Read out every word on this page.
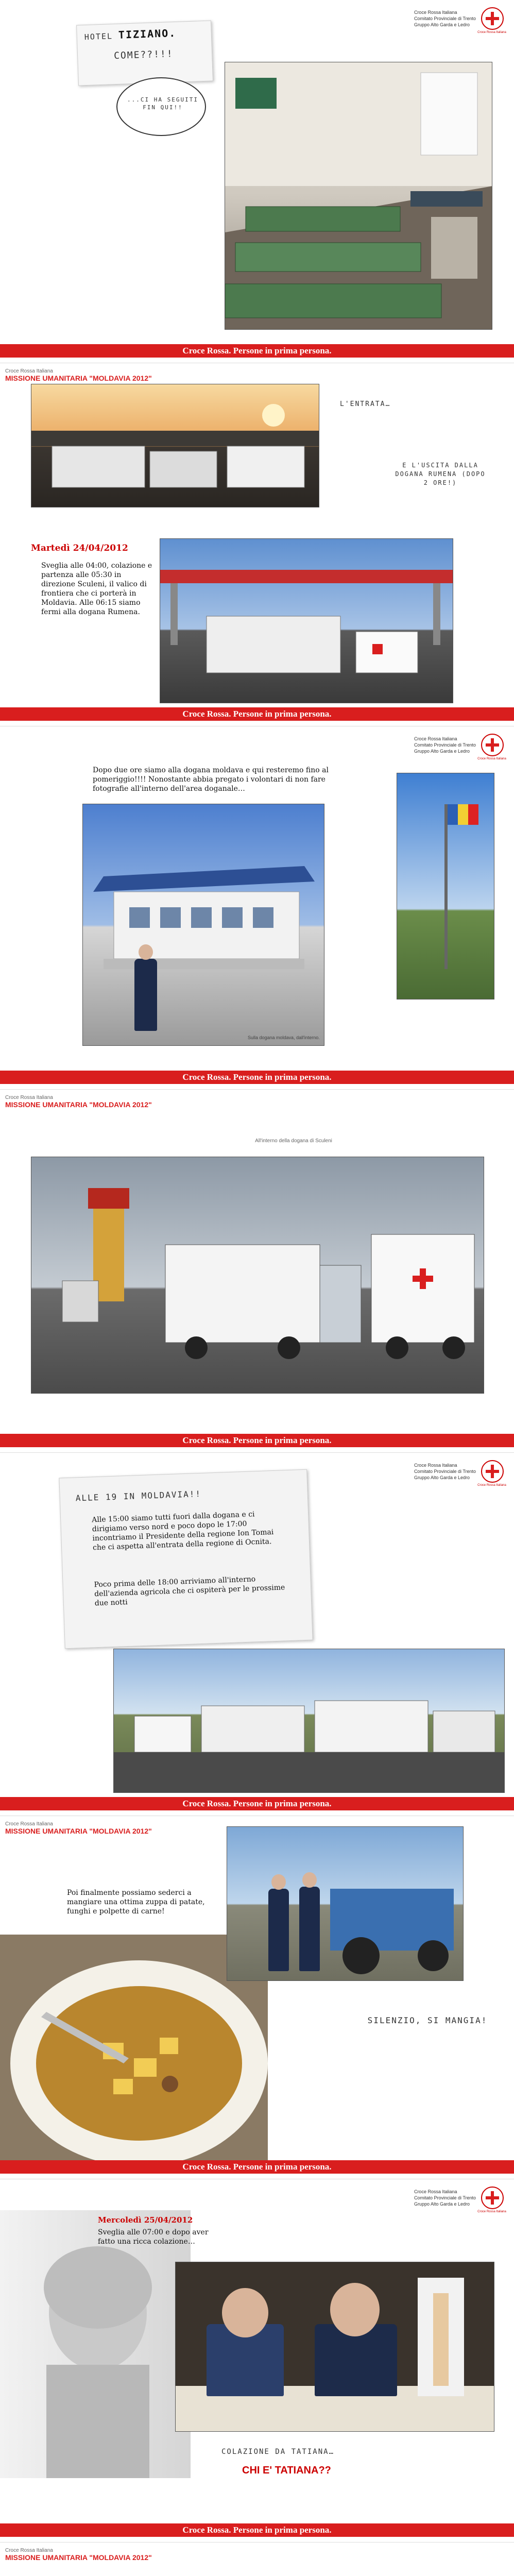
Croce Rossa Italiana
Comitato Provinciale di Trento
Gruppo Alto Garda e Ledro
Croce Rossa Italiana
HOTEL TIZIANO.
COME??!!!
...CI HA SEGUITI FIN QUI!!
Croce Rossa. Persone in prima persona.
Croce Rossa Italiana
MISSIONE UMANITARIA "MOLDAVIA 2012"
L'ENTRATA…
E L'USCITA DALLA DOGANA RUMENA (DOPO 2 ORE!)
Martedì 24/04/2012
Sveglia alle 04:00, colazione e partenza alle 05:30 in direzione Sculeni, il valico di frontiera che ci porterà in Moldavia. Alle 06:15 siamo fermi alla dogana Rumena.
Croce Rossa. Persone in prima persona.
Croce Rossa Italiana
Comitato Provinciale di Trento
Gruppo Alto Garda e Ledro
Croce Rossa Italiana
Dopo due ore siamo alla dogana moldava e qui resteremo fino al pomeriggio!!!! Nonostante abbia pregato i volontari di non fare fotografie all'interno dell'area doganale…
Sulla dogana moldava, dall'interno.
Croce Rossa. Persone in prima persona.
Croce Rossa Italiana
MISSIONE UMANITARIA "MOLDAVIA 2012"
All'interno della dogana di Sculeni
Croce Rossa. Persone in prima persona.
Croce Rossa Italiana
Comitato Provinciale di Trento
Gruppo Alto Garda e Ledro
Croce Rossa Italiana
ALLE 19 IN MOLDAVIA!!
Alle 15:00 siamo tutti fuori dalla dogana e ci dirigiamo verso nord e poco dopo le 17:00 incontriamo il Presidente della regione Ion Tomai che ci aspetta all'entrata della regione di Ocnita.
Poco prima delle 18:00 arriviamo all'interno dell'azienda agricola che ci ospiterà per le prossime due notti
Croce Rossa. Persone in prima persona.
Croce Rossa Italiana
MISSIONE UMANITARIA "MOLDAVIA 2012"
Poi finalmente possiamo sederci a mangiare una ottima zuppa di patate, funghi e polpette di carne!
SILENZIO, SI MANGIA!
Croce Rossa. Persone in prima persona.
Croce Rossa Italiana
Comitato Provinciale di Trento
Gruppo Alto Garda e Ledro
Croce Rossa Italiana
Mercoledì 25/04/2012
Sveglia alle 07:00 e dopo aver fatto una ricca colazione…
COLAZIONE DA TATIANA…
CHI E' TATIANA??
Croce Rossa. Persone in prima persona.
Croce Rossa Italiana
MISSIONE UMANITARIA "MOLDAVIA 2012"
